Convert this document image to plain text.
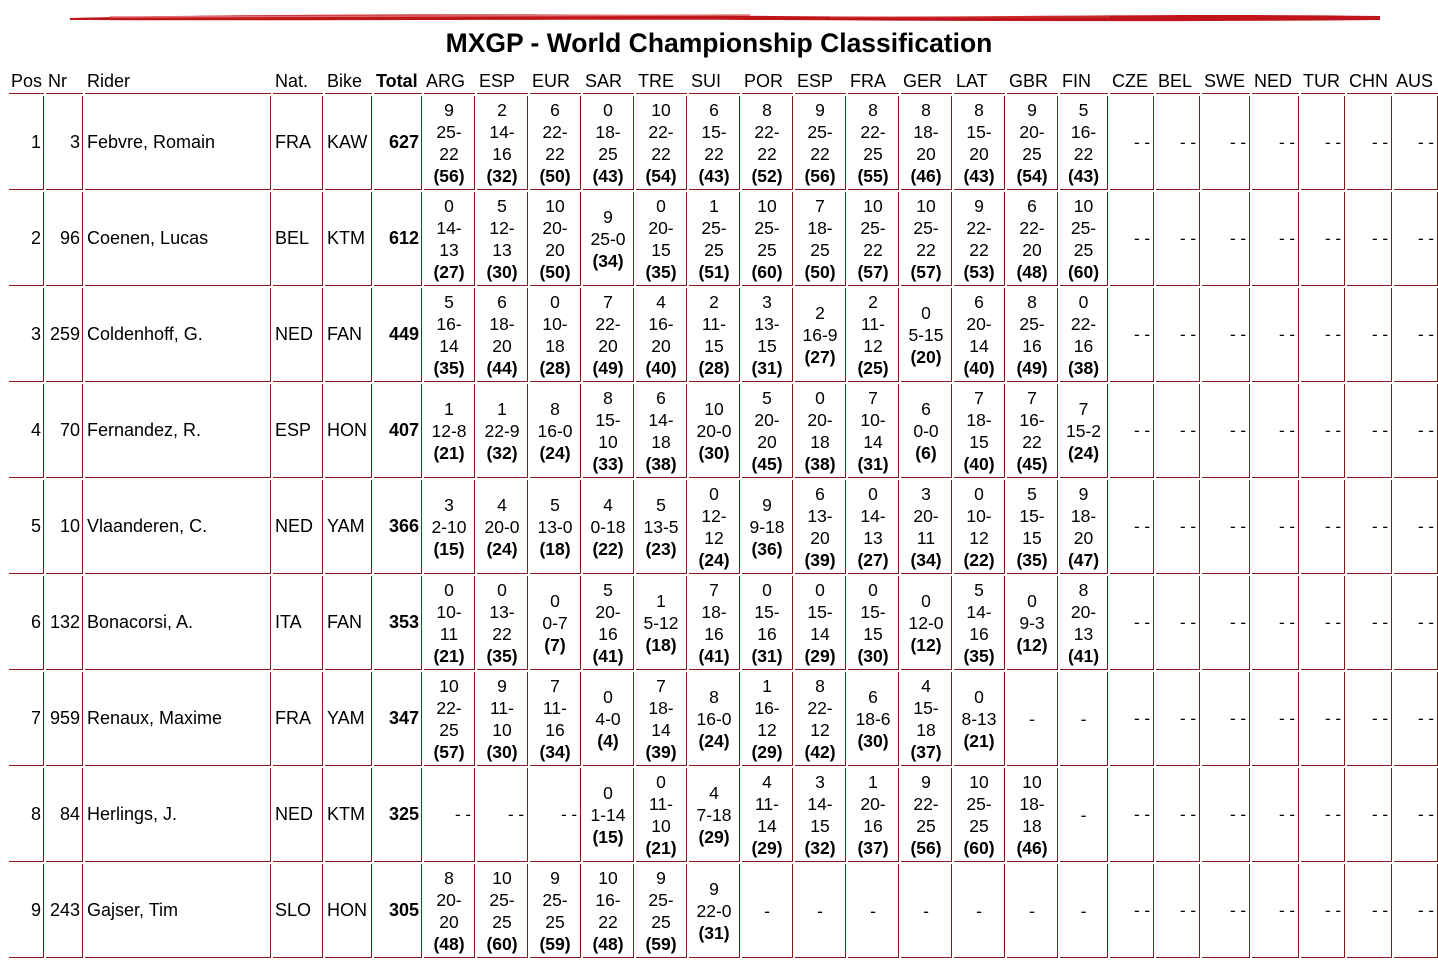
MXGP - World Championship Classification
Pos	Nr	Rider	Nat.	Bike	Total	ARG	ESP	EUR	SAR	TRE	SUI	POR	ESP	FRA	GER	LAT	GBR	FIN	CZE	BEL	SWE	NED	TUR	CHN	AUS
1	3	Febvre, Romain	FRA	KAW	627	9
25-
22
(56)	2
14-
16
(32)	6
22-
22
(50)	0
18-
25
(43)	10
22-
22
(54)	6
15-
22
(43)	8
22-
22
(52)	9
25-
22
(56)	8
22-
25
(55)	8
18-
20
(46)	8
15-
20
(43)	9
20-
25
(54)	5
16-
22
(43)	- -	- -	- -	- -	- -	- -	- -
2	96	Coenen, Lucas	BEL	KTM	612	0
14-
13
(27)	5
12-
13
(30)	10
20-
20
(50)	9
25-0
(34)	0
20-
15
(35)	1
25-
25
(51)	10
25-
25
(60)	7
18-
25
(50)	10
25-
22
(57)	10
25-
22
(57)	9
22-
22
(53)	6
22-
20
(48)	10
25-
25
(60)	- -	- -	- -	- -	- -	- -	- -
3	259	Coldenhoff, G.	NED	FAN	449	5
16-
14
(35)	6
18-
20
(44)	0
10-
18
(28)	7
22-
20
(49)	4
16-
20
(40)	2
11-
15
(28)	3
13-
15
(31)	2
16-9
(27)	2
11-
12
(25)	0
5-15
(20)	6
20-
14
(40)	8
25-
16
(49)	0
22-
16
(38)	- -	- -	- -	- -	- -	- -	- -
4	70	Fernandez, R.	ESP	HON	407	1
12-8
(21)	1
22-9
(32)	8
16-0
(24)	8
15-
10
(33)	6
14-
18
(38)	10
20-0
(30)	5
20-
20
(45)	0
20-
18
(38)	7
10-
14
(31)	6
0-0
(6)	7
18-
15
(40)	7
16-
22
(45)	7
15-2
(24)	- -	- -	- -	- -	- -	- -	- -
5	10	Vlaanderen, C.	NED	YAM	366	3
2-10
(15)	4
20-0
(24)	5
13-0
(18)	4
0-18
(22)	5
13-5
(23)	0
12-
12
(24)	9
9-18
(36)	6
13-
20
(39)	0
14-
13
(27)	3
20-
11
(34)	0
10-
12
(22)	5
15-
15
(35)	9
18-
20
(47)	- -	- -	- -	- -	- -	- -	- -
6	132	Bonacorsi, A.	ITA	FAN	353	0
10-
11
(21)	0
13-
22
(35)	0
0-7
(7)	5
20-
16
(41)	1
5-12
(18)	7
18-
16
(41)	0
15-
16
(31)	0
15-
14
(29)	0
15-
15
(30)	0
12-0
(12)	5
14-
16
(35)	0
9-3
(12)	8
20-
13
(41)	- -	- -	- -	- -	- -	- -	- -
7	959	Renaux, Maxime	FRA	YAM	347	10
22-
25
(57)	9
11-
10
(30)	7
11-
16
(34)	0
4-0
(4)	7
18-
14
(39)	8
16-0
(24)	1
16-
12
(29)	8
22-
12
(42)	6
18-6
(30)	4
15-
18
(37)	0
8-13
(21)	-	-	- -	- -	- -	- -	- -	- -	- -
8	84	Herlings, J.	NED	KTM	325	- -	- -	- -	0
1-14
(15)	0
11-
10
(21)	4
7-18
(29)	4
11-
14
(29)	3
14-
15
(32)	1
20-
16
(37)	9
22-
25
(56)	10
25-
25
(60)	10
18-
18
(46)	-	- -	- -	- -	- -	- -	- -	- -
9	243	Gajser, Tim	SLO	HON	305	8
20-
20
(48)	10
25-
25
(60)	9
25-
25
(59)	10
16-
22
(48)	9
25-
25
(59)	9
22-0
(31)	-	-	-	-	-	-	-	- -	- -	- -	- -	- -	- -	- -
